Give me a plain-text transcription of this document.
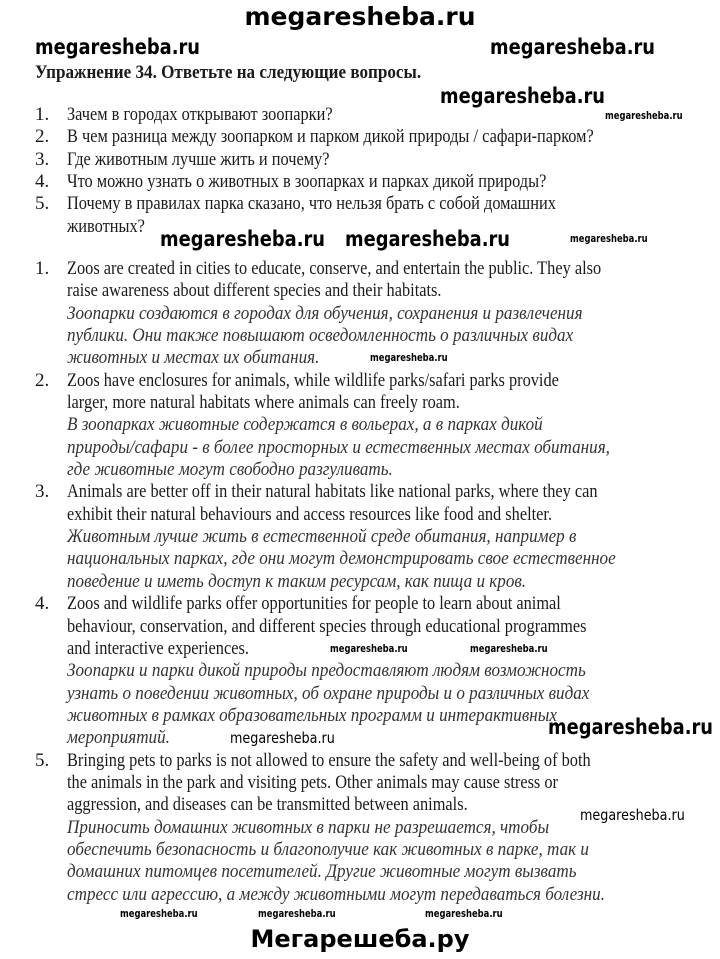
megaresheba.ru
Упражнение 34. Ответьте на следующие вопросы.
1. Зачем в городах открывают зоопарки?
2. В чем разница между зоопарком и парком дикой природы / сафари-парком?
3. Где животным лучше жить и почему?
4. Что можно узнать о животных в зоопарках и парках дикой природы?
5. Почему в правилах парка сказано, что нельзя брать с собой домашних
животных?
1. Zoos are created in cities to educate, conserve, and entertain the public. They also
raise awareness about different species and their habitats.
Зоопарки создаются в городах для обучения, сохранения и развлечения
публики. Они также повышают осведомленность о различных видах
животных и местах их обитания.
2. Zoos have enclosures for animals, while wildlife parks/safari parks provide
larger, more natural habitats where animals can freely roam.
В зоопарках животные содержатся в вольерах, а в парках дикой
природы/сафари - в более просторных и естественных местах обитания,
где животные могут свободно разгуливать.
3. Animals are better off in their natural habitats like national parks, where they can
exhibit their natural behaviours and access resources like food and shelter.
Животным лучше жить в естественной среде обитания, например в
национальных парках, где они могут демонстрировать свое естественное
поведение и иметь доступ к таким ресурсам, как пища и кров.
4. Zoos and wildlife parks offer opportunities for people to learn about animal
behaviour, conservation, and different species through educational programmes
and interactive experiences.
Зоопарки и парки дикой природы предоставляют людям возможность
узнать о поведении животных, об охране природы и о различных видах
животных в рамках образовательных программ и интерактивных
мероприятий.
5. Bringing pets to parks is not allowed to ensure the safety and well-being of both
the animals in the park and visiting pets. Other animals may cause stress or
aggression, and diseases can be transmitted between animals.
Приносить домашних животных в парки не разрешается, чтобы
обеспечить безопасность и благополучие как животных в парке, так и
домашних питомцев посетителей. Другие животные могут вызвать
стресс или агрессию, а между животными могут передаваться болезни.
megaresheba.ru
megaresheba.ru
megaresheba.ru
megaresheba.ru
megaresheba.ru
megaresheba.ru
megaresheba.ru
megaresheba.ru
megaresheba.ru
megaresheba.ru	megaresheba.ru
megaresheba.ru
megaresheba.ru
megaresheba.ru	megaresheba.ru	megaresheba.ru
Мегарешеба.ру
